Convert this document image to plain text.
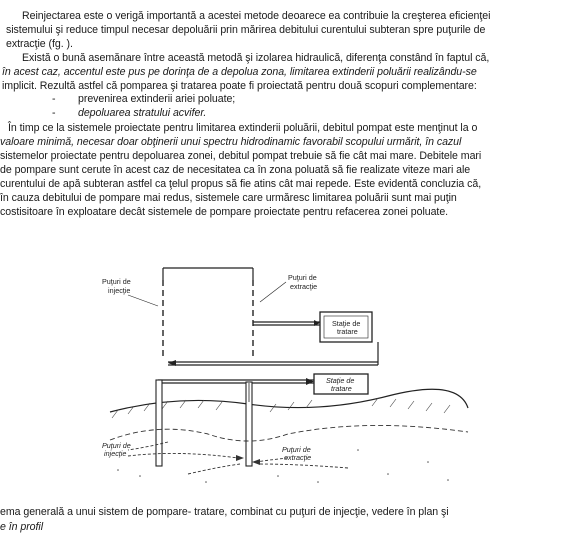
Reinjectarea este o verigă importantă a acestei metode deoarece ea contribuie la creşterea eficienţei

sistemului şi reduce timpul necesar depoluării prin mărirea debitului curentului subteran spre puţurile de

extracţie (fg. ).

Există o bună asemănare între această metodă şi izolarea hidraulică, diferenţa constând în faptul că,

în acest caz, accentul este pus pe dorinţa de a depolua zona, limitarea extinderii poluării realizându-se

implicit. Rezultă astfel că pomparea şi tratarea poate fi proiectată pentru două scopuri complementare:

- prevenirea extinderii ariei poluate;

- depoluarea stratului acvifer.

În timp ce la sistemele proiectate pentru limitarea extinderii poluării, debitul pompat este menţinut la o

valoare minimă, necesar doar obţinerii unui spectru hidrodinamic favorabil scopului urmărit, în cazul

sistemelor proiectate pentru depoluarea zonei, debitul pompat trebuie să fie cât mai mare. Debitele mari

de pompare sunt cerute în acest caz de necesitatea ca în zona poluată să fie realizate viteze mari ale

curentului de apă subteran astfel ca ţelul propus să fie atins cât mai repede. Este evidentă concluzia că,

în cauza debitului de pompare mai redus, sistemele care urmăresc limitarea poluării sunt mai puţin

costisitoare în exploatare decât sistemele de pompare proiectate pentru refacerea zonei poluate.

Puţuri de
injecţie
Puţuri de
extracţie
Staţie de
tratare
Staţie de
tratare
Puţuri de
injecţie	Puţuri de
extracţie

ema generală a unui sistem de pompare- tratare, combinat cu puţuri de injecţie, vedere în plan şi

e în profil
